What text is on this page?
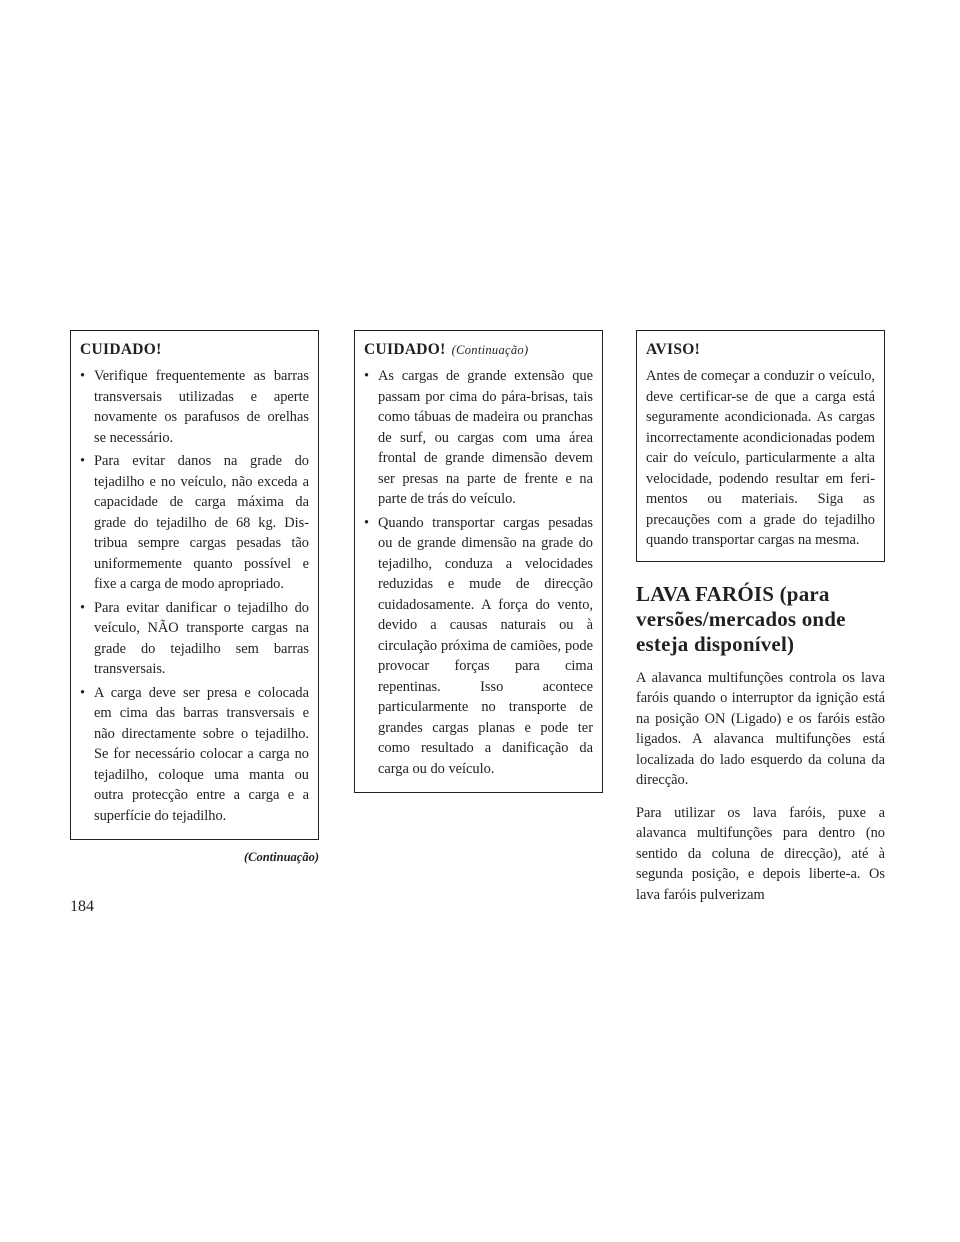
CUIDADO!
• Verifique frequentemente as barras transversais utilizadas e aperte novamente os parafusos de orelhas se necessário.
• Para evitar danos na grade do tejadilho e no veículo, não exceda a capacidade de carga máxima da grade do tejadilho de 68 kg. Distribua sempre cargas pesadas tão uniformemente quanto possível e fixe a carga de modo apropriado.
• Para evitar danificar o tejadilho do veículo, NÃO transporte cargas na grade do tejadilho sem barras transversais.
• A carga deve ser presa e colocada em cima das barras transversais e não directamente sobre o tejadilho. Se for necessário colocar a carga no tejadilho, coloque uma manta ou outra protecção entre a carga e a superfície do tejadilho.
(Continuação)
CUIDADO! (Continuação)
• As cargas de grande extensão que passam por cima do pára-brisas, tais como tábuas de madeira ou pranchas de surf, ou cargas com uma área frontal de grande dimensão devem ser presas na parte de frente e na parte de trás do veículo.
• Quando transportar cargas pesadas ou de grande dimensão na grade do tejadilho, conduza a velocidades reduzidas e mude de direcção cuidadosamente. A força do vento, devido a causas naturais ou à circulação próxima de camiões, pode provocar forças para cima repentinas. Isso acontece particularmente no transporte de grandes cargas planas e pode ter como resultado a danificação da carga ou do veículo.
AVISO!

Antes de começar a conduzir o veículo, deve certificar-se de que a carga está seguramente acondicionada. As cargas incorrectamente acondicionadas podem cair do veículo, particularmente a alta velocidade, podendo resultar em ferimentos ou materiais. Siga as precauções com a grade do tejadilho quando transportar cargas na mesma.

LAVA FARÓIS (para versões/mercados onde esteja disponível)

A alavanca multifunções controla os lava faróis quando o interruptor da ignição está na posição ON (Ligado) e os faróis estão ligados. A alavanca multifunções está localizada do lado esquerdo da coluna da direcção.

Para utilizar os lava faróis, puxe a alavanca multifunções para dentro (no sentido da coluna de direcção), até à segunda posição, e depois liberte-a. Os lava faróis pulverizam

184
